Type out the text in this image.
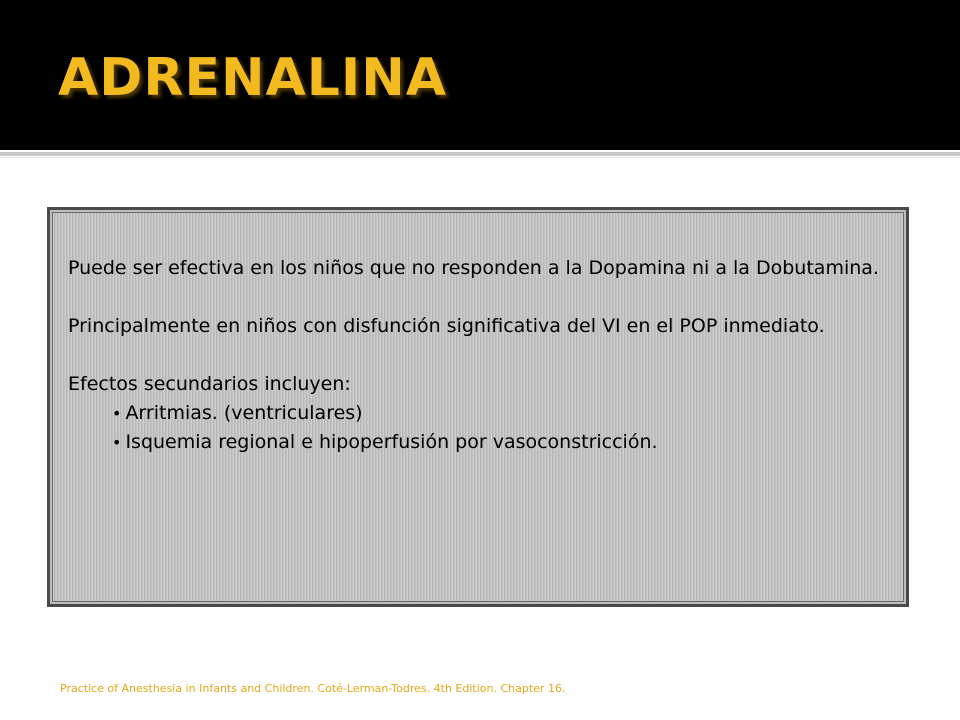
ADRENALINA

Puede ser efectiva en los niños que no responden a la Dopamina ni a la Dobutamina.

Principalmente en niños con disfunción significativa del VI en el POP inmediato.

Efectos secundarios incluyen:

• Arritmias. (ventriculares)
• Isquemia regional e hipoperfusión por vasoconstricción.
Practice of Anesthesia in Infants and Children. Coté-Lerman-Todres. 4th Edition. Chapter 16.
